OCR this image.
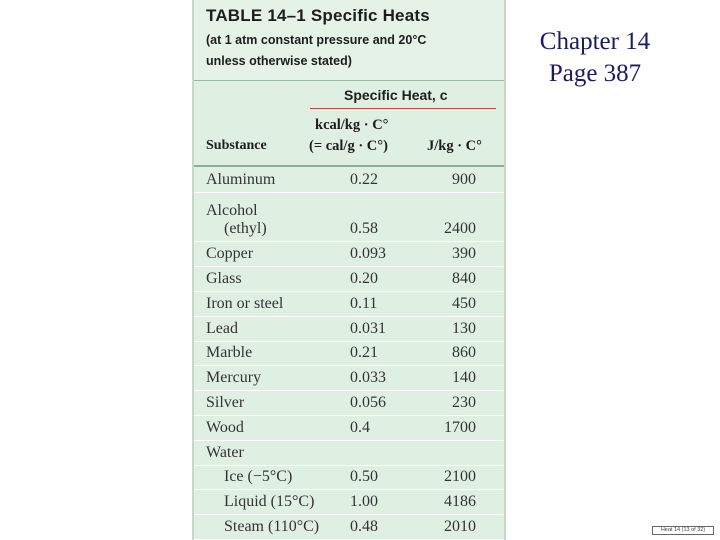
TABLE 14–1 Specific Heats
(at 1 atm constant pressure and 20°C
unless otherwise stated)
Specific Heat, c
Substance
kcal/kg · C°
(= cal/g · C°)	J/kg · C°
Aluminum	0.22	900
Alcohol
(ethyl)	0.58	2400
Copper	0.093	390
Glass	0.20	840
Iron or steel	0.11	450
Lead	0.031	130
Marble	0.21	860
Mercury	0.033	140
Silver	0.056	230
Wood	0.4	1700
Water
Ice (−5°C)	0.50	2100
Liquid (15°C) 1.00	4186
Steam (110°C) 0.48	2010
Chapter 14
Page 387
Heat 14 (13 of 32)
